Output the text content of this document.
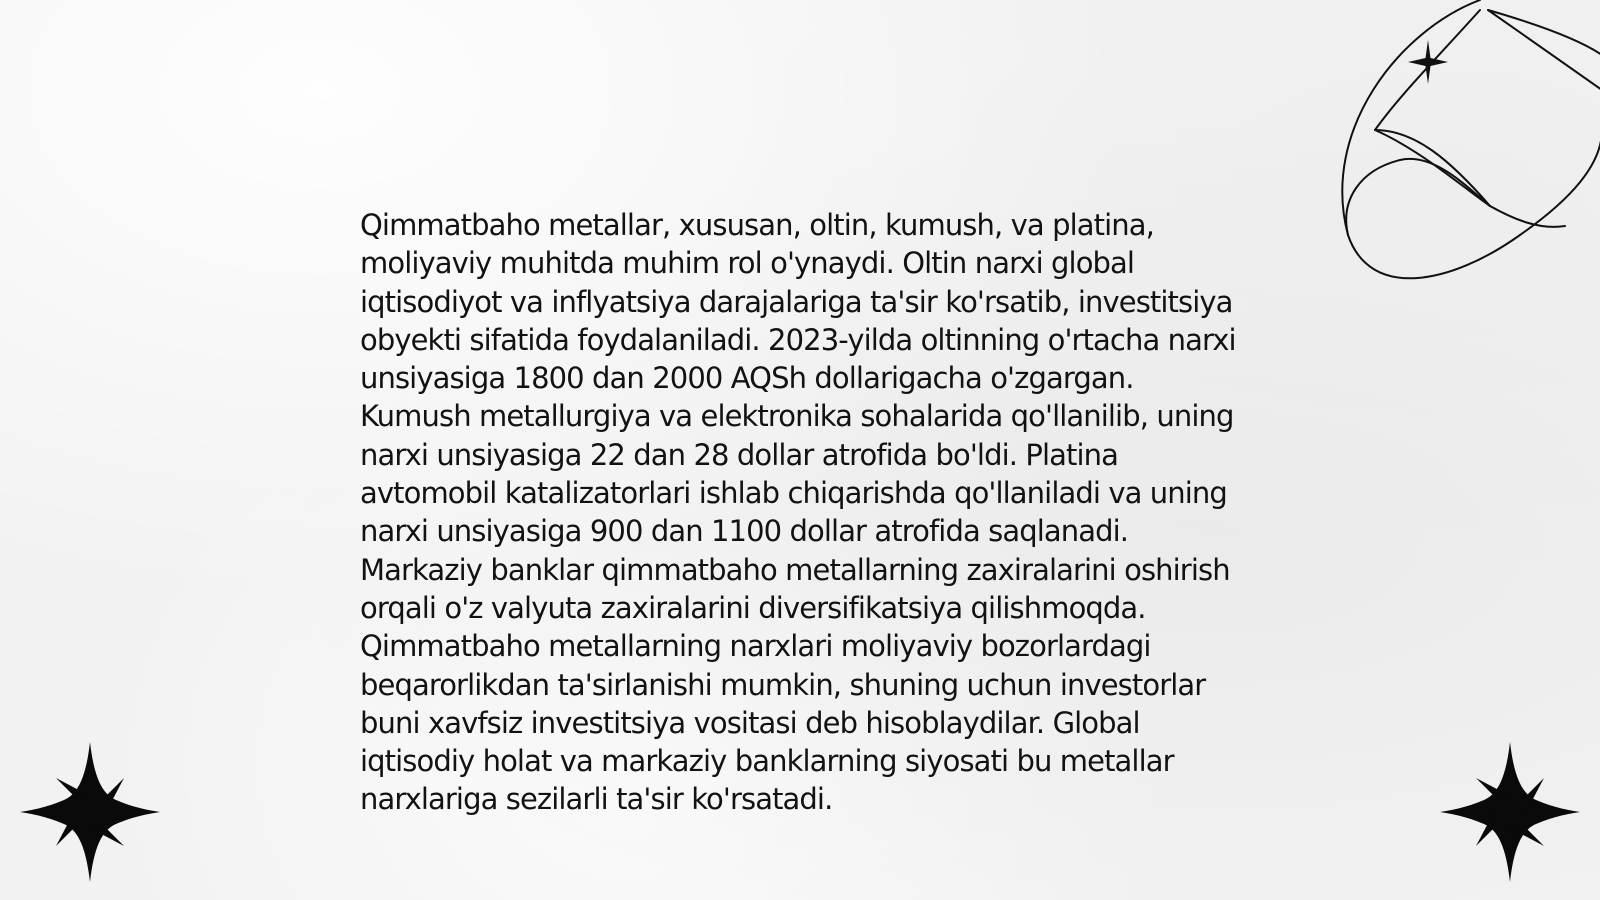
Qimmatbaho metallar, xususan, oltin, kumush, va platina, moliyaviy muhitda muhim rol o'ynaydi. Oltin narxi global iqtisodiyot va inflyatsiya darajalariga ta'sir ko'rsatib, investitsiya obyekti sifatida foydalaniladi. 2023-yilda oltinning o'rtacha narxi unsiyasiga 1800 dan 2000 AQSh dollarigacha o'zgargan. Kumush metallurgiya va elektronika sohalarida qo'llanilib, uning narxi unsiyasiga 22 dan 28 dollar atrofida bo'ldi. Platina avtomobil katalizatorlari ishlab chiqarishda qo'llaniladi va uning narxi unsiyasiga 900 dan 1100 dollar atrofida saqlanadi. Markaziy banklar qimmatbaho metallarning zaxiralarini oshirish orqali o'z valyuta zaxiralarini diversifikatsiya qilishmoqda. Qimmatbaho metallarning narxlari moliyaviy bozorlardagi beqarorlikdan ta'sirlanishi mumkin, shuning uchun investorlar buni xavfsiz investitsiya vositasi deb hisoblaydilar. Global iqtisodiy holat va markaziy banklarning siyosati bu metallar narxlariga sezilarli ta'sir ko'rsatadi.
